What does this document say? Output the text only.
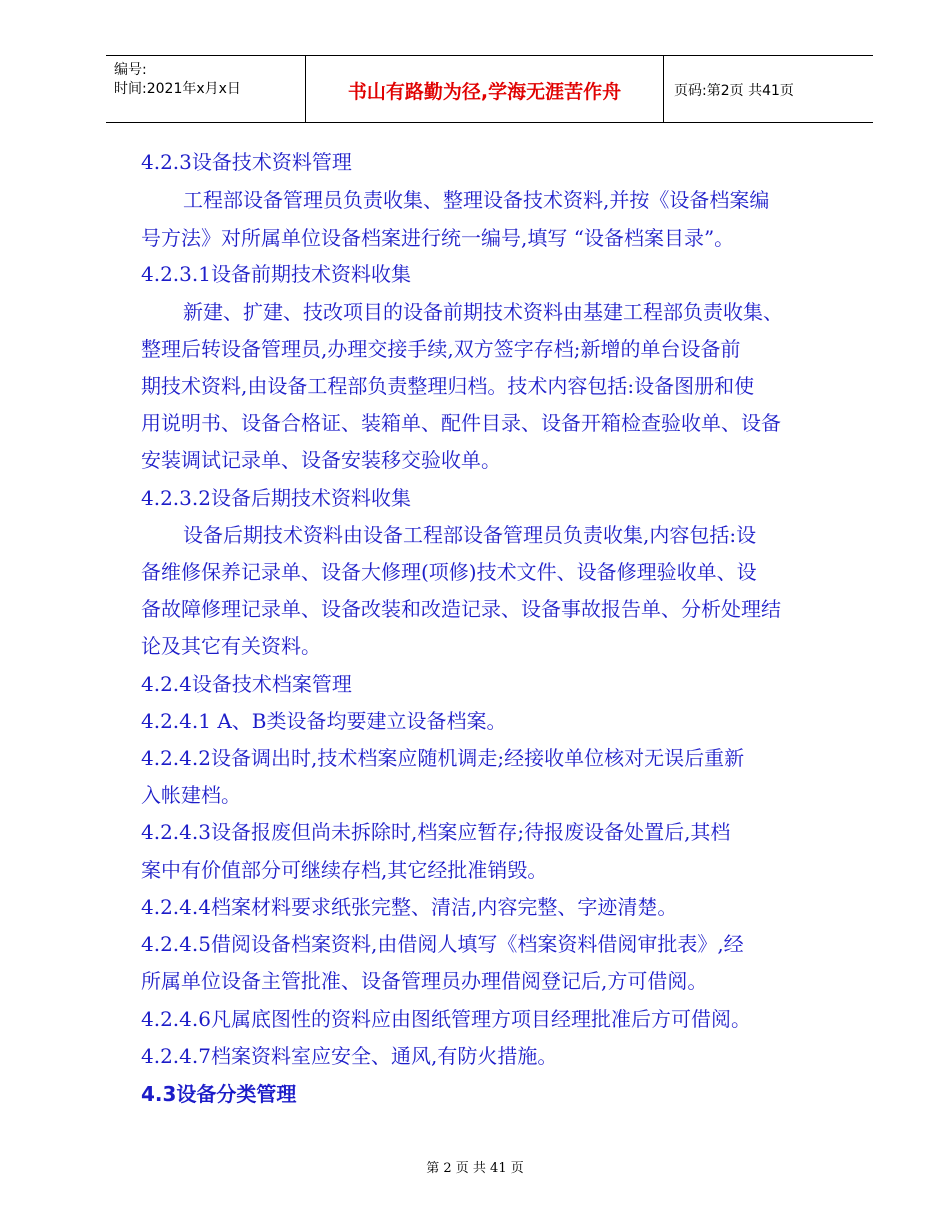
编号:
时间:2021年x月x日	书山有路勤为径,学海无涯苦作舟	页码:第2页 共41页
4.2.3设备技术资料管理
工程部设备管理员负责收集、整理设备技术资料,并按《设备档案编
号方法》对所属单位设备档案进行统一编号,填写 “设备档案目录”。
4.2.3.1设备前期技术资料收集
新建、扩建、技改项目的设备前期技术资料由基建工程部负责收集、
整理后转设备管理员,办理交接手续,双方签字存档;新增的单台设备前
期技术资料,由设备工程部负责整理归档。技术内容包括:设备图册和使
用说明书、设备合格证、装箱单、配件目录、设备开箱检查验收单、设备
安装调试记录单、设备安装移交验收单。
4.2.3.2设备后期技术资料收集
设备后期技术资料由设备工程部设备管理员负责收集,内容包括:设
备维修保养记录单、设备大修理(项修)技术文件、设备修理验收单、设
备故障修理记录单、设备改装和改造记录、设备事故报告单、分析处理结
论及其它有关资料。
4.2.4设备技术档案管理
4.2.4.1 A、B类设备均要建立设备档案。
4.2.4.2设备调出时,技术档案应随机调走;经接收单位核对无误后重新
入帐建档。
4.2.4.3设备报废但尚未拆除时,档案应暂存;待报废设备处置后,其档
案中有价值部分可继续存档,其它经批准销毁。
4.2.4.4档案材料要求纸张完整、清洁,内容完整、字迹清楚。
4.2.4.5借阅设备档案资料,由借阅人填写《档案资料借阅审批表》,经
所属单位设备主管批准、设备管理员办理借阅登记后,方可借阅。
4.2.4.6凡属底图性的资料应由图纸管理方项目经理批准后方可借阅。
4.2.4.7档案资料室应安全、通风,有防火措施。
4.3设备分类管理
第 2 页 共 41 页
